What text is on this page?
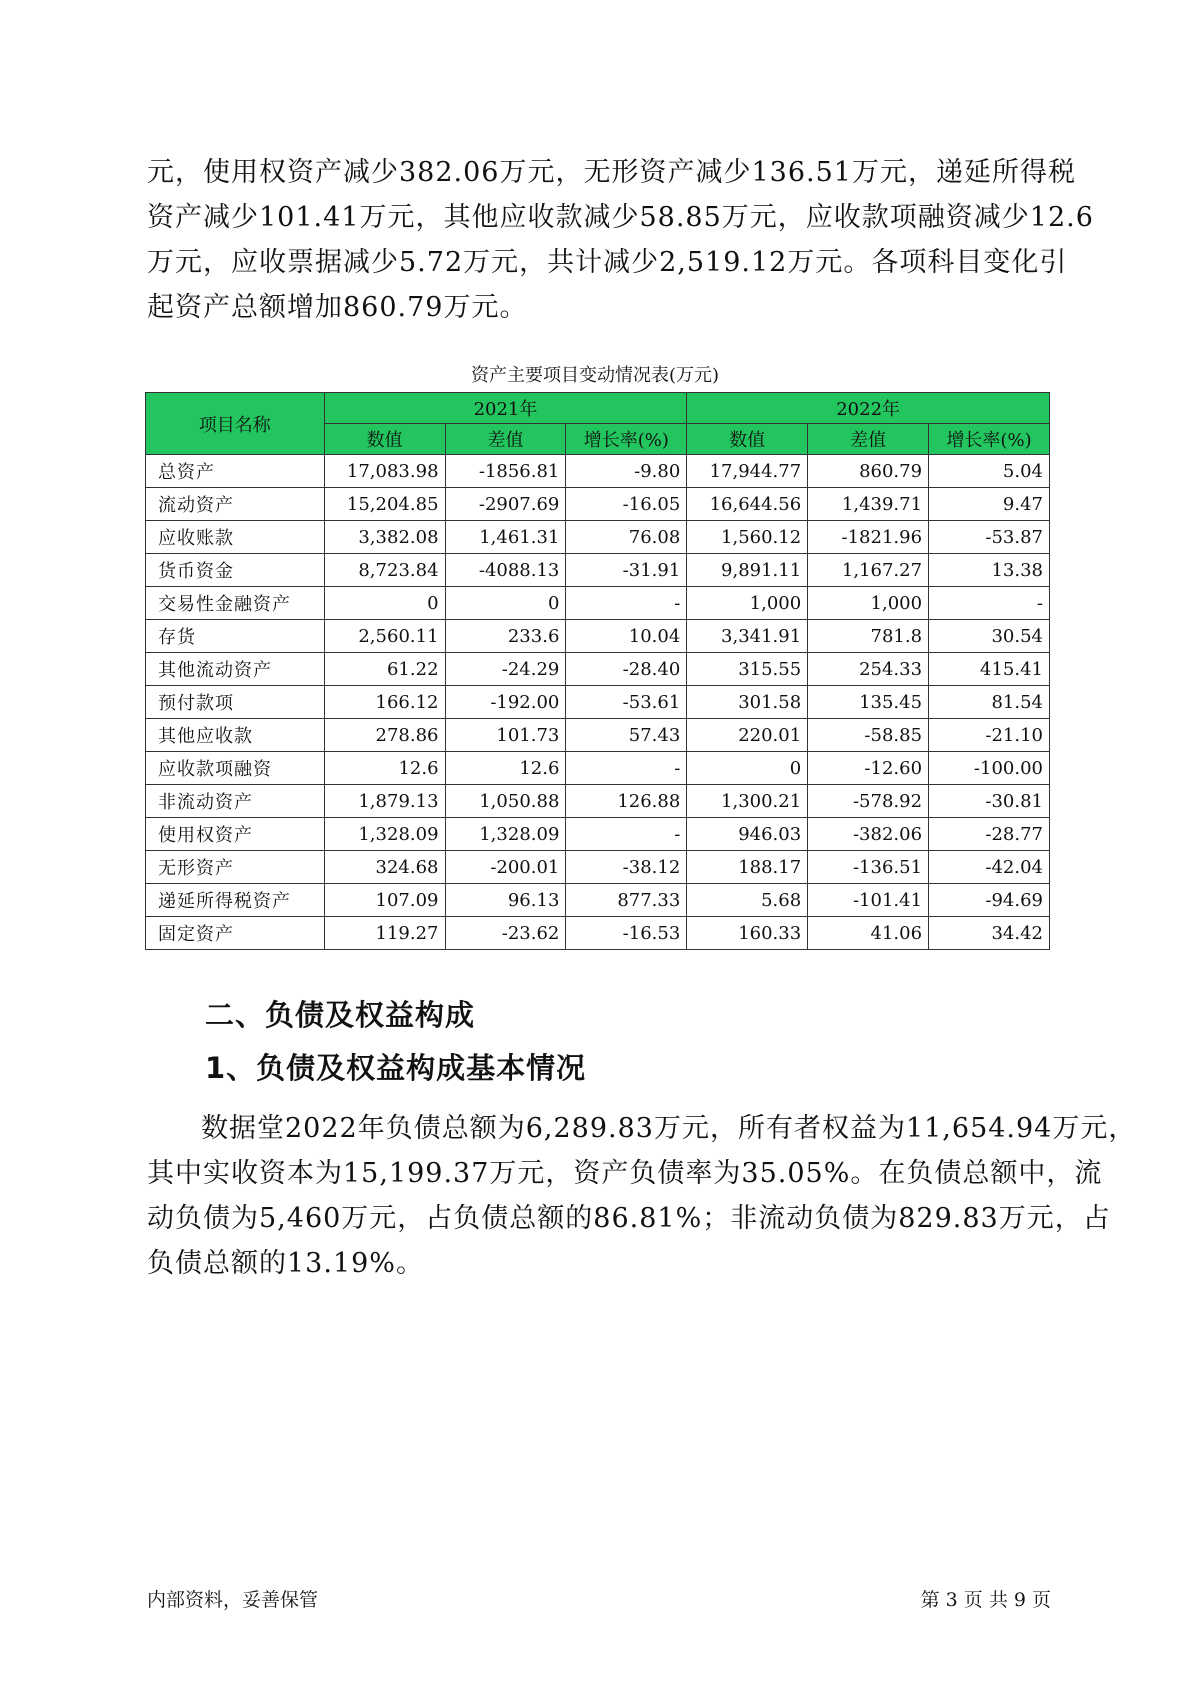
元，使用权资产减少382.06万元，无形资产减少136.51万元，递延所得税
资产减少101.41万元，其他应收款减少58.85万元，应收款项融资减少12.6
万元，应收票据减少5.72万元，共计减少2,519.12万元。各项科目变化引
起资产总额增加860.79万元。

资产主要项目变动情况表(万元)
项目名称	2021年			2022年		
	数值	差值	增长率(%)	数值	差值	增长率(%)
总资产	17,083.98	-1856.81	-9.80	17,944.77	860.79	5.04
流动资产	15,204.85	-2907.69	-16.05	16,644.56	1,439.71	9.47
应收账款	3,382.08	1,461.31	76.08	1,560.12	-1821.96	-53.87
货币资金	8,723.84	-4088.13	-31.91	9,891.11	1,167.27	13.38
交易性金融资产	0	0	-	1,000	1,000	-
存货	2,560.11	233.6	10.04	3,341.91	781.8	30.54
其他流动资产	61.22	-24.29	-28.40	315.55	254.33	415.41
预付款项	166.12	-192.00	-53.61	301.58	135.45	81.54
其他应收款	278.86	101.73	57.43	220.01	-58.85	-21.10
应收款项融资	12.6	12.6	-	0	-12.60	-100.00
非流动资产	1,879.13	1,050.88	126.88	1,300.21	-578.92	-30.81
使用权资产	1,328.09	1,328.09	-	946.03	-382.06	-28.77
无形资产	324.68	-200.01	-38.12	188.17	-136.51	-42.04
递延所得税资产	107.09	96.13	877.33	5.68	-101.41	-94.69
固定资产	119.27	-23.62	-16.53	160.33	41.06	34.42
二、负债及权益构成
1、负债及权益构成基本情况

数据堂2022年负债总额为6,289.83万元，所有者权益为11,654.94万元，
其中实收资本为15,199.37万元，资产负债率为35.05%。在负债总额中，流
动负债为5,460万元，占负债总额的86.81%；非流动负债为829.83万元，占
负债总额的13.19%。

内部资料，妥善保管	第 3 页 共 9 页
